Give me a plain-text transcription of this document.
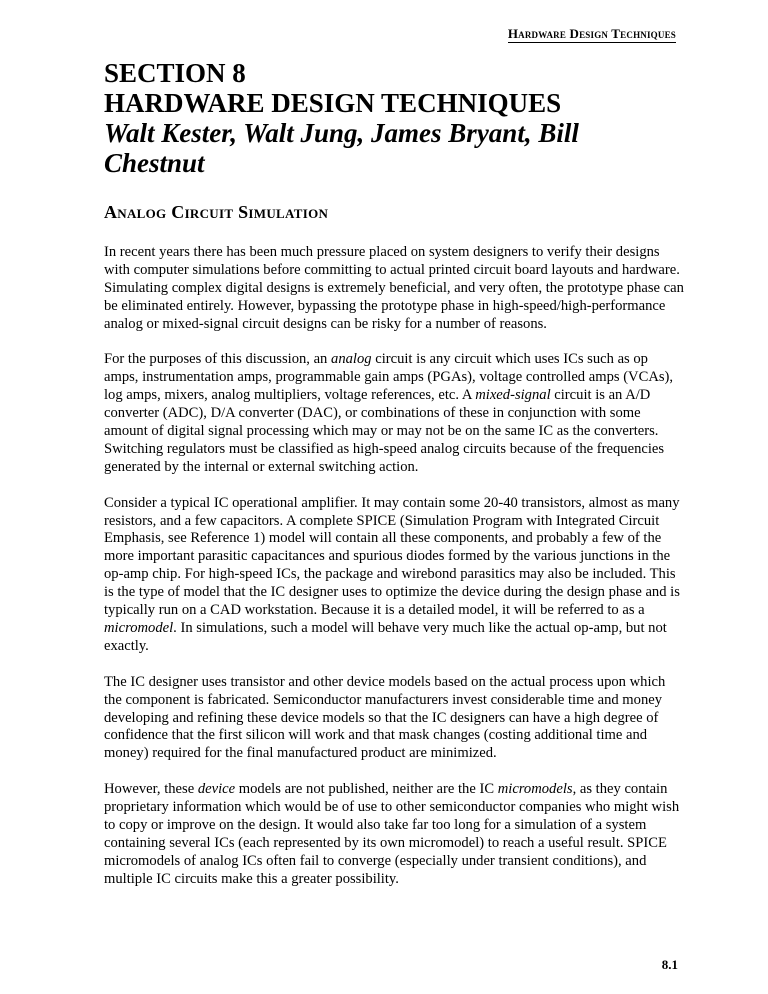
Hardware Design Techniques
SECTION 8
HARDWARE DESIGN TECHNIQUES
Walt Kester, Walt Jung, James Bryant, Bill Chestnut
Analog Circuit Simulation

In recent years there has been much pressure placed on system designers to verify their designs with computer simulations before committing to actual printed circuit board layouts and hardware. Simulating complex digital designs is extremely beneficial, and very often, the prototype phase can be eliminated entirely. However, bypassing the prototype phase in high-speed/high-performance analog or mixed-signal circuit designs can be risky for a number of reasons.

For the purposes of this discussion, an analog circuit is any circuit which uses ICs such as op amps, instrumentation amps, programmable gain amps (PGAs), voltage controlled amps (VCAs), log amps, mixers, analog multipliers, voltage references, etc. A mixed-signal circuit is an A/D converter (ADC), D/A converter (DAC), or combinations of these in conjunction with some amount of digital signal processing which may or may not be on the same IC as the converters. Switching regulators must be classified as high-speed analog circuits because of the frequencies generated by the internal or external switching action.

Consider a typical IC operational amplifier. It may contain some 20-40 transistors, almost as many resistors, and a few capacitors. A complete SPICE (Simulation Program with Integrated Circuit Emphasis, see Reference 1) model will contain all these components, and probably a few of the more important parasitic capacitances and spurious diodes formed by the various junctions in the op-amp chip. For high-speed ICs, the package and wirebond parasitics may also be included. This is the type of model that the IC designer uses to optimize the device during the design phase and is typically run on a CAD workstation. Because it is a detailed model, it will be referred to as a micromodel. In simulations, such a model will behave very much like the actual op-amp, but not exactly.

The IC designer uses transistor and other device models based on the actual process upon which the component is fabricated. Semiconductor manufacturers invest considerable time and money developing and refining these device models so that the IC designers can have a high degree of confidence that the first silicon will work and that mask changes (costing additional time and money) required for the final manufactured product are minimized.

However, these device models are not published, neither are the IC micromodels, as they contain proprietary information which would be of use to other semiconductor companies who might wish to copy or improve on the design. It would also take far too long for a simulation of a system containing several ICs (each represented by its own micromodel) to reach a useful result. SPICE micromodels of analog ICs often fail to converge (especially under transient conditions), and multiple IC circuits make this a greater possibility.

8.1
